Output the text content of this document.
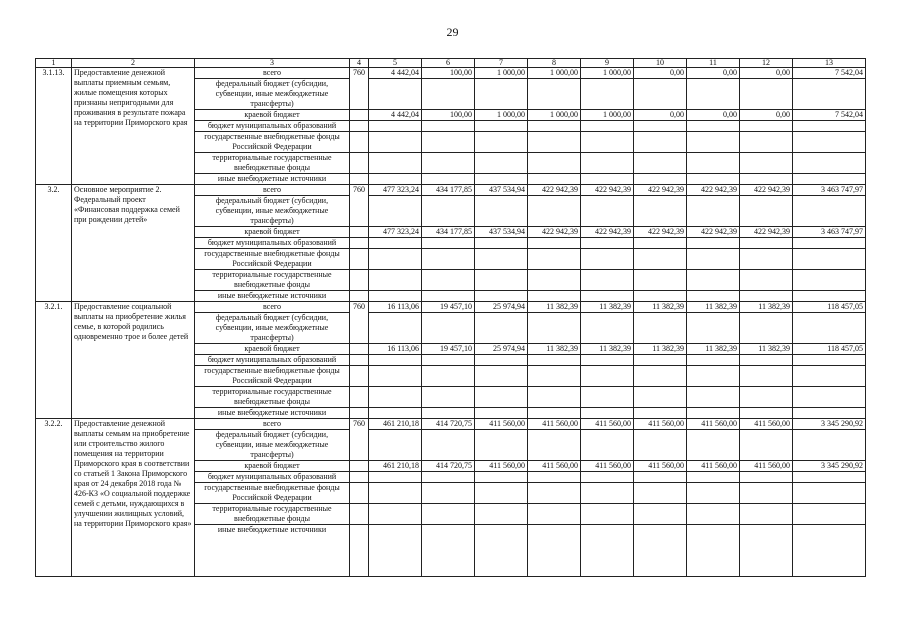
29
1	2	3	4	5	6	7	8	9	10	11	12	13
3.1.13.	Предоставление денежной выплаты приемным семьям, жилые помещения которых признаны непригодными для проживания в результате пожара на территории Приморского края	всего	760	4 442,04	100,00	1 000,00	1 000,00	1 000,00	0,00	0,00	0,00	7 542,04
		федеральный бюджет (субсидии, субвенции, иные межбюджетные трансферты)										
		краевой бюджет		4 442,04	100,00	1 000,00	1 000,00	1 000,00	0,00	0,00	0,00	7 542,04
		бюджет муниципальных образований										
		государственные внебюджетные фонды Российской Федерации										
		территориальные государственные внебюджетные фонды										
		иные внебюджетные источники										
3.2.	Основное мероприятие 2. Федеральный проект «Финансовая поддержка семей при рождении детей»	всего	760	477 323,24	434 177,85	437 534,94	422 942,39	422 942,39	422 942,39	422 942,39	422 942,39	3 463 747,97
		федеральный бюджет (субсидии, субвенции, иные межбюджетные трансферты)										
		краевой бюджет		477 323,24	434 177,85	437 534,94	422 942,39	422 942,39	422 942,39	422 942,39	422 942,39	3 463 747,97
		бюджет муниципальных образований										
		государственные внебюджетные фонды Российской Федерации										
		территориальные государственные внебюджетные фонды										
		иные внебюджетные источники										
3.2.1.	Предоставление социальной выплаты на приобретение жилья семье, в которой родились одновременно трое и более детей	всего	760	16 113,06	19 457,10	25 974,94	11 382,39	11 382,39	11 382,39	11 382,39	11 382,39	118 457,05
		федеральный бюджет (субсидии, субвенции, иные межбюджетные трансферты)										
		краевой бюджет		16 113,06	19 457,10	25 974,94	11 382,39	11 382,39	11 382,39	11 382,39	11 382,39	118 457,05
		бюджет муниципальных образований										
		государственные внебюджетные фонды Российской Федерации										
		территориальные государственные внебюджетные фонды										
		иные внебюджетные источники										
3.2.2.	Предоставление денежной выплаты семьям на приобретение или строительство жилого помещения на территории Приморского края в соответствии со статьей 1 Закона Приморского края от 24 декабря 2018 года № 426-КЗ «О социальной поддержке семей с детьми, нуждающихся в улучшении жилищных условий, на территории Приморского края»	всего	760	461 210,18	414 720,75	411 560,00	411 560,00	411 560,00	411 560,00	411 560,00	411 560,00	3 345 290,92
		федеральный бюджет (субсидии, субвенции, иные межбюджетные трансферты)										
		краевой бюджет		461 210,18	414 720,75	411 560,00	411 560,00	411 560,00	411 560,00	411 560,00	411 560,00	3 345 290,92
		бюджет муниципальных образований										
		государственные внебюджетные фонды Российской Федерации										
		территориальные государственные внебюджетные фонды										
		иные внебюджетные источники										
